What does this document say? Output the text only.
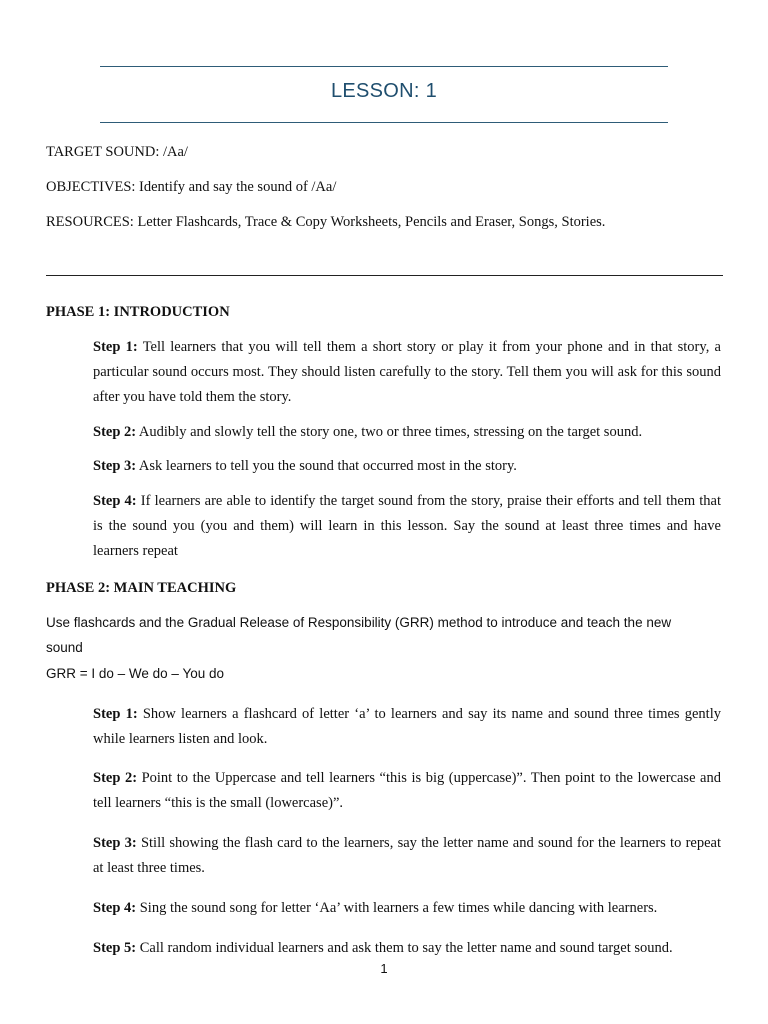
LESSON: 1
TARGET SOUND: /Aa/
OBJECTIVES: Identify and say the sound of /Aa/
RESOURCES: Letter Flashcards, Trace & Copy Worksheets, Pencils and Eraser, Songs, Stories.
PHASE 1: INTRODUCTION
Step 1: Tell learners that you will tell them a short story or play it from your phone and in that story, a particular sound occurs most. They should listen carefully to the story. Tell them you will ask for this sound after you have told them the story.
Step 2: Audibly and slowly tell the story one, two or three times, stressing on the target sound.
Step 3: Ask learners to tell you the sound that occurred most in the story.
Step 4: If learners are able to identify the target sound from the story, praise their efforts and tell them that is the sound you (you and them) will learn in this lesson. Say the sound at least three times and have learners repeat
PHASE 2: MAIN TEACHING
Use flashcards and the Gradual Release of Responsibility (GRR) method to introduce and teach the new sound
GRR = I do – We do – You do
Step 1: Show learners a flashcard of letter ‘a’ to learners and say its name and sound three times gently while learners listen and look.
Step 2: Point to the Uppercase and tell learners “this is big (uppercase)”. Then point to the lowercase and tell learners “this is the small (lowercase)”.
Step 3: Still showing the flash card to the learners, say the letter name and sound for the learners to repeat at least three times.
Step 4: Sing the sound song for letter ‘Aa’ with learners a few times while dancing with learners.
Step 5: Call random individual learners and ask them to say the letter name and sound target sound.
1
